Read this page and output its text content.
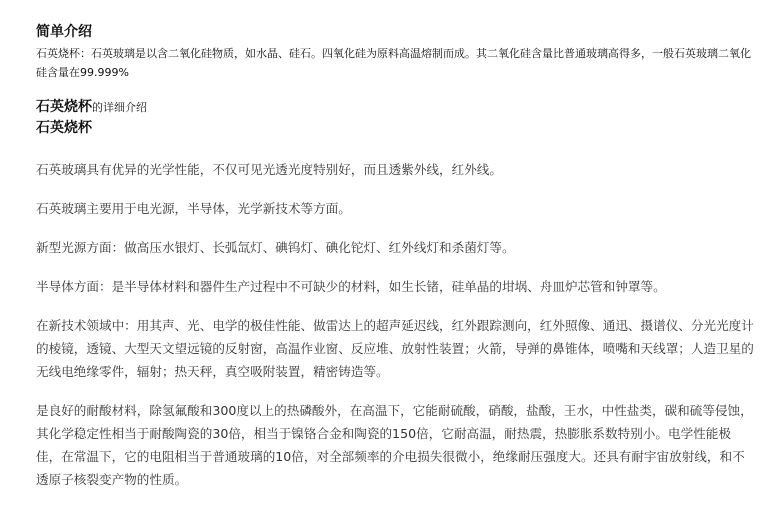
简单介绍

石英烧杯：石英玻璃是以含二氧化硅物质，如水晶、硅石。四氧化硅为原料高温熔制而成。其二氧化硅含量比普通玻璃高得多，一般石英玻璃二氧化硅含量在99.999%

石英烧杯的详细介绍
石英烧杯

石英玻璃具有优异的光学性能，不仅可见光透光度特别好，而且透紫外线，红外线。

石英玻璃主要用于电光源，半导体，光学新技术等方面。

新型光源方面：做高压水银灯、长弧氙灯、碘钨灯、碘化铊灯、红外线灯和杀菌灯等。

半导体方面：是半导体材料和器件生产过程中不可缺少的材料，如生长锗，硅单晶的坩埚、舟皿炉芯管和钟罩等。

在新技术领域中：用其声、光、电学的极佳性能、做雷达上的超声延迟线，红外跟踪测向，红外照像、通迅、摄谱仪、分光光度计的棱镜，透镜、大型天文望远镜的反射窗，高温作业窗、反应堆、放射性装置；火箭，导弹的鼻锥体，喷嘴和天线罩；人造卫星的无线电绝缘零件，辐射；热天秤，真空吸附装置，精密铸造等。

是良好的耐酸材料，除氢氟酸和300度以上的热磷酸外，在高温下，它能耐硫酸，硝酸，盐酸，王水，中性盐类，碳和硫等侵蚀，其化学稳定性相当于耐酸陶瓷的30倍，相当于镍铬合金和陶瓷的150倍，它耐高温，耐热震，热膨胀系数特别小。电学性能极佳，在常温下，它的电阻相当于普通玻璃的10倍，对全部频率的介电损失很微小，绝缘耐压强度大。还具有耐宇宙放射线，和不透原子核裂变产物的性质。
